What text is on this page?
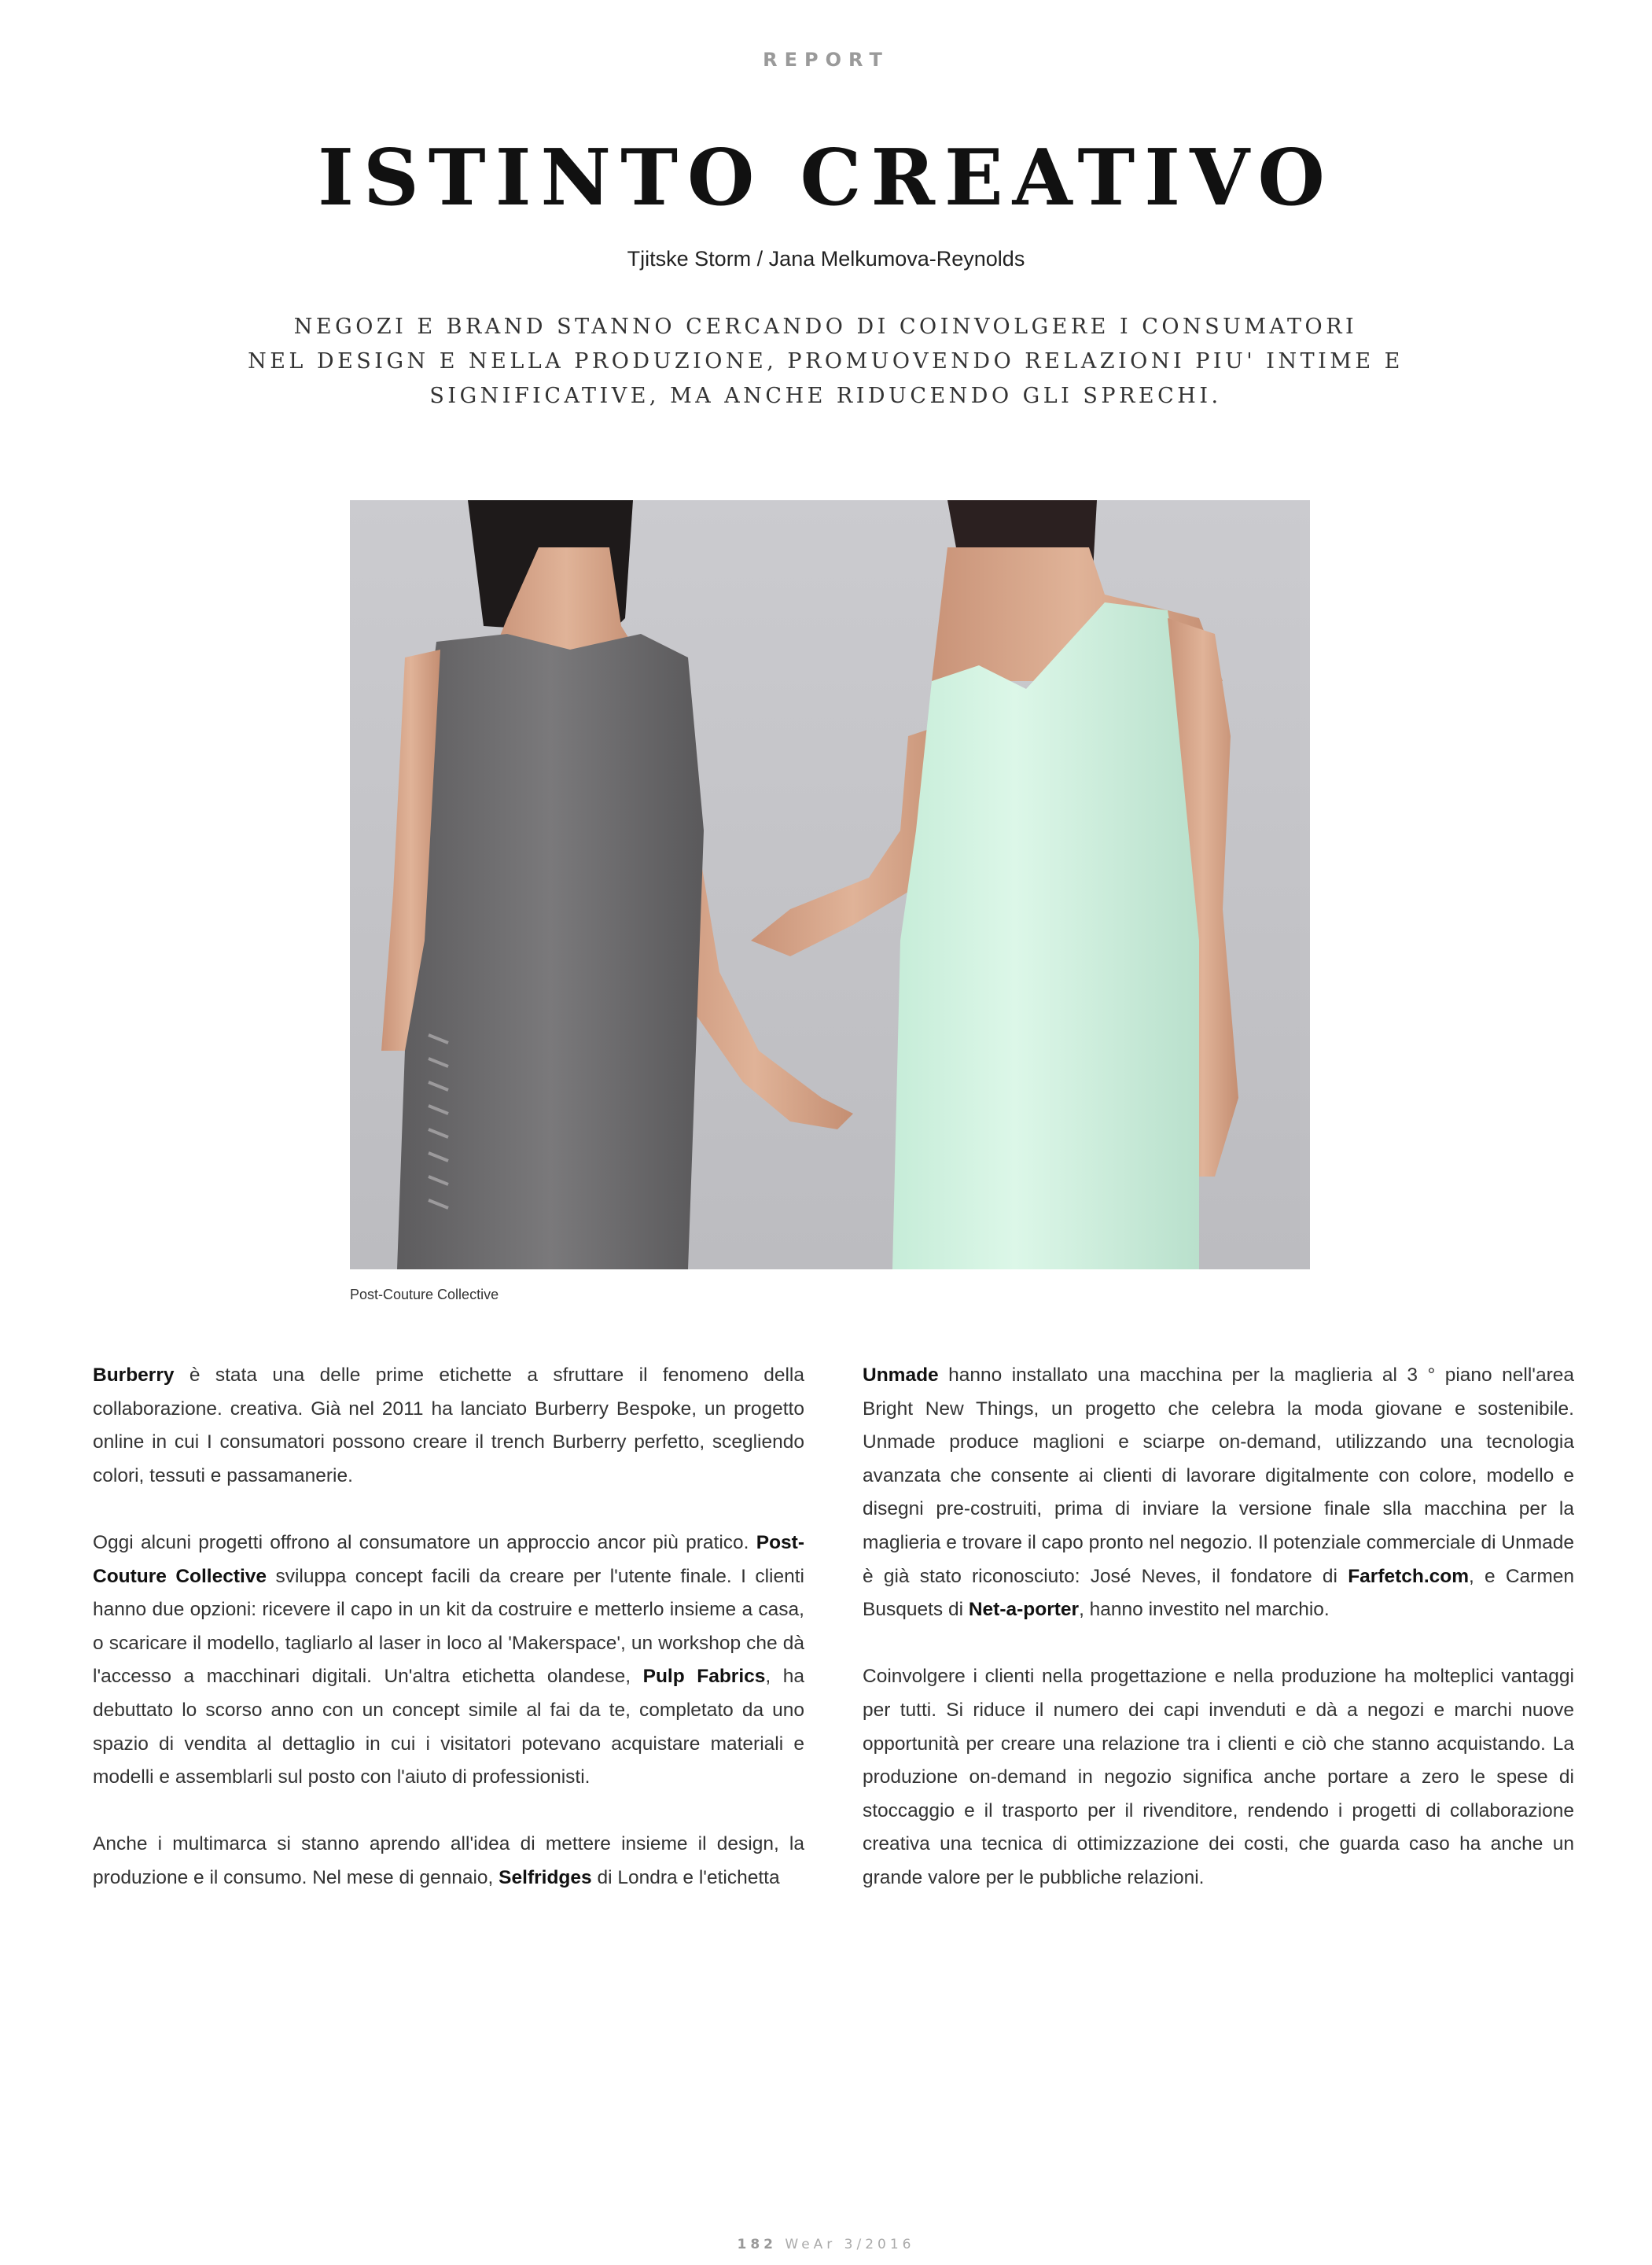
REPORT
ISTINTO CREATIVO
Tjitske Storm / Jana Melkumova-Reynolds
NEGOZI E BRAND STANNO CERCANDO DI COINVOLGERE I CONSUMATORI
NEL DESIGN E NELLA PRODUZIONE, PROMUOVENDO RELAZIONI PIU' INTIME E
SIGNIFICATIVE, MA ANCHE RIDUCENDO GLI SPRECHI.
Post-Couture Collective

Burberry è stata una delle prime etichette a sfruttare il fenomeno della collaborazione. creativa. Già nel 2011 ha lanciato Burberry Bespoke, un progetto online in cui I consumatori possono creare il trench Burberry perfetto, scegliendo colori, tessuti e passamanerie.

Oggi alcuni progetti offrono al consumatore un approccio ancor più pratico. Post-Couture Collective sviluppa concept facili da creare per l'utente finale. I clienti hanno due opzioni: ricevere il capo in un kit da costruire e metterlo insieme a casa, o scaricare il modello, tagliarlo al laser in loco al 'Makerspace', un workshop che dà l'accesso a macchinari digitali. Un'altra etichetta olandese, Pulp Fabrics, ha debuttato lo scorso anno con un concept simile al fai da te, completato da uno spazio di vendita al dettaglio in cui i visitatori potevano acquistare materiali e modelli e assemblarli sul posto con l'aiuto di professionisti.

Anche i multimarca si stanno aprendo all'idea di mettere insieme il design, la produzione e il consumo. Nel mese di gennaio, Selfridges di Londra e l'etichetta

Unmade hanno installato una macchina per la maglieria al 3 ° piano nell'area Bright New Things, un progetto che celebra la moda giovane e sostenibile. Unmade produce maglioni e sciarpe on-demand, utilizzando una tecnologia avanzata che consente ai clienti di lavorare digitalmente con colore, modello e disegni pre-costruiti, prima di inviare la versione finale slla macchina per la maglieria e trovare il capo pronto nel negozio. Il potenziale commerciale di Unmade è già stato riconosciuto: José Neves, il fondatore di Farfetch.com, e Carmen Busquets di Net-a-porter, hanno investito nel marchio.

Coinvolgere i clienti nella progettazione e nella produzione ha molteplici vantaggi per tutti. Si riduce il numero dei capi invenduti e dà a negozi e marchi nuove opportunità per creare una relazione tra i clienti e ciò che stanno acquistando. La produzione on-demand in negozio significa anche portare a zero le spese di stoccaggio e il trasporto per il rivenditore, rendendo i progetti di collaborazione creativa una tecnica di ottimizzazione dei costi, che guarda caso ha anche un grande valore per le pubbliche relazioni.

182 WeAr 3/2016
